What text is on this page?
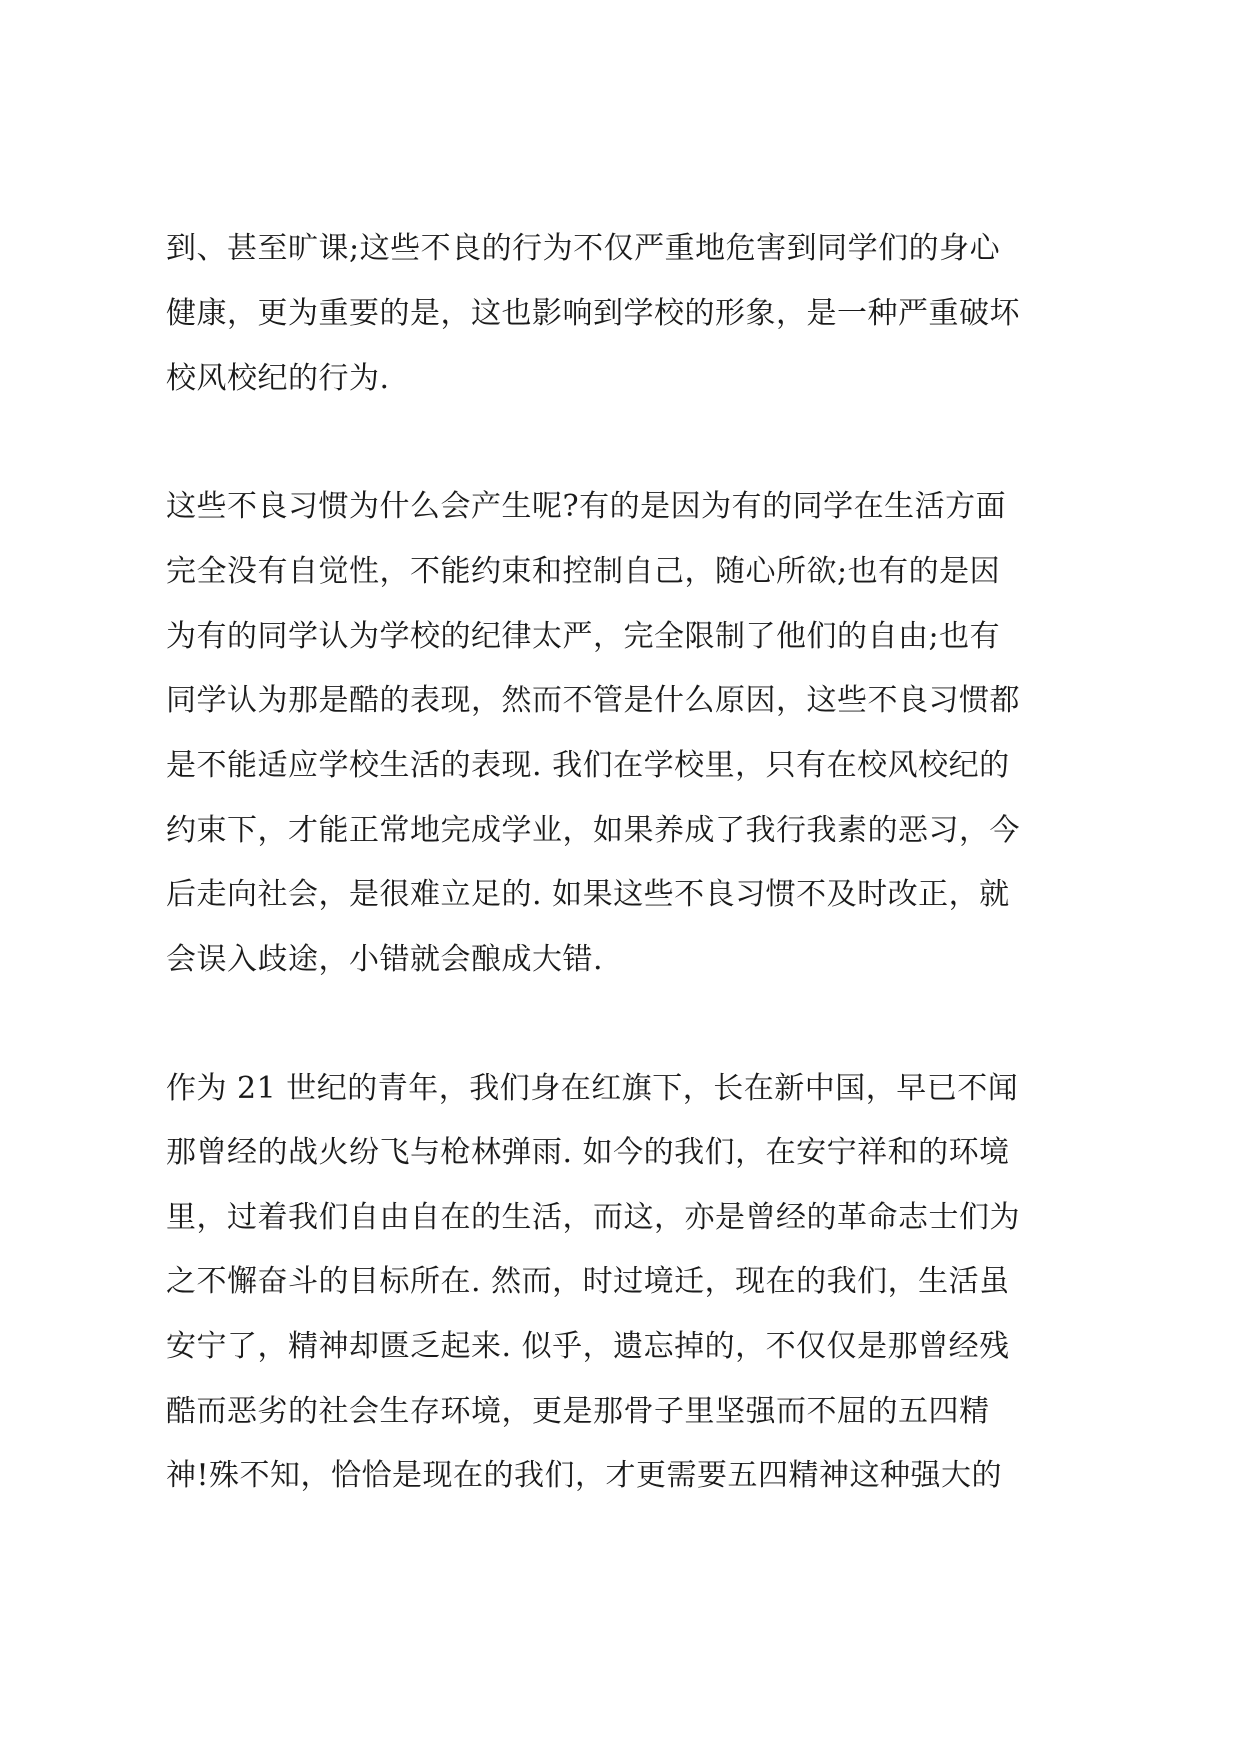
到、甚至旷课;这些不良的行为不仅严重地危害到同学们的身心

健康，更为重要的是，这也影响到学校的形象，是一种严重破坏

校风校纪的行为.

这些不良习惯为什么会产生呢?有的是因为有的同学在生活方面

完全没有自觉性，不能约束和控制自己，随心所欲;也有的是因

为有的同学认为学校的纪律太严，完全限制了他们的自由;也有

同学认为那是酷的表现，然而不管是什么原因，这些不良习惯都

是不能适应学校生活的表现. 我们在学校里，只有在校风校纪的

约束下，才能正常地完成学业，如果养成了我行我素的恶习，今

后走向社会，是很难立足的. 如果这些不良习惯不及时改正，就

会误入歧途，小错就会酿成大错.

作为 21 世纪的青年，我们身在红旗下，长在新中国，早已不闻

那曾经的战火纷飞与枪林弹雨. 如今的我们，在安宁祥和的环境

里，过着我们自由自在的生活，而这，亦是曾经的革命志士们为

之不懈奋斗的目标所在. 然而，时过境迁，现在的我们，生活虽

安宁了，精神却匮乏起来. 似乎，遗忘掉的，不仅仅是那曾经残

酷而恶劣的社会生存环境，更是那骨子里坚强而不屈的五四精

神!殊不知，恰恰是现在的我们，才更需要五四精神这种强大的
